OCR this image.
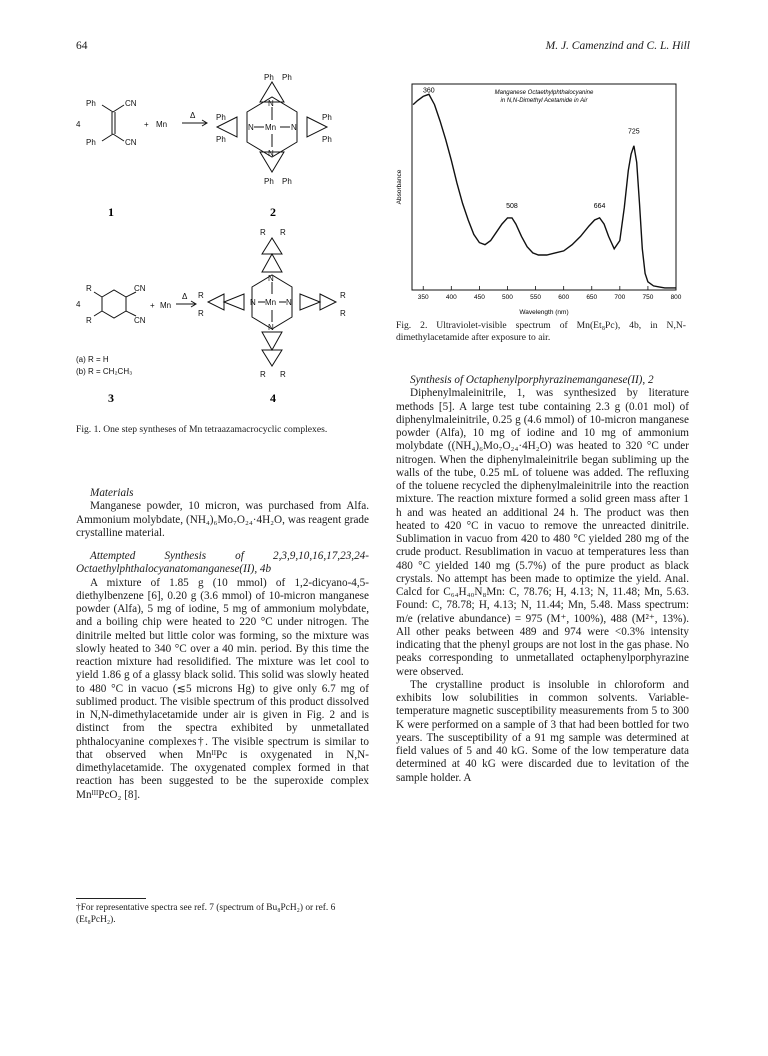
64	M. J. Camenzind and C. L. Hill
4
Ph
Ph
CN
CN
+ Mn
Δ
Ph Ph
Ph
Ph
Ph
Ph
Ph Ph
N
N
N	N
Mn
4
R
R
CN
CN
+ Mn
Δ
R R
R
R
R
R
R R
N
N
N	N
Mn
(a) R = H
(b) R = CH₂CH₃
1	2
3	4
Fig. 1. One step syntheses of Mn tetraazamacrocyclic complexes.
Manganese Octaethylphthalocyanine
in N,N-Dimethyl Acetamide in Air
Absorbance
Wavelength (nm)
350	400	450	500	550	600	650	700	750	800
360
508	664
725
Fig. 2. Ultraviolet-visible spectrum of Mn(Et₈Pc), 4b, in N,N-dimethylacetamide after exposure to air.

Materials

Manganese powder, 10 micron, was purchased from Alfa. Ammonium molybdate, (NH₄)₆Mo₇O₂₄·4H₂O, was reagent grade crystalline material.

Attempted Synthesis of 2,3,9,10,16,17,23,24-Octaethylphthalocyanatomanganese(II), 4b

A mixture of 1.85 g (10 mmol) of 1,2-dicyano-4,5-diethylbenzene [6], 0.20 g (3.6 mmol) of 10-micron manganese powder (Alfa), 5 mg of iodine, 5 mg of ammonium molybdate, and a boiling chip were heated to 220 °C under nitrogen. The dinitrile melted but little color was forming, so the mixture was slowly heated to 340 °C over a 40 min. period. By this time the reaction mixture had resolidified. The mixture was let cool to yield 1.86 g of a glassy black solid. This solid was slowly heated to 480 °C in vacuo (≲5 microns Hg) to give only 6.7 mg of sublimed product. The visible spectrum of this product dissolved in N,N-dimethylacetamide under air is given in Fig. 2 and is distinct from the spectra exhibited by unmetallated phthalocyanine complexes†. The visible spectrum is similar to that observed when MnᴵᴵPc is oxygenated in N,N-dimethylacetamide. The oxygenated complex formed in that reaction has been suggested to be the superoxide complex MnᴵᴵᴵPcO₂ [8].

†For representative spectra see ref. 7 (spectrum of Bu₈PcH₂) or ref. 6 (Et₈PcH₂).

Synthesis of Octaphenylporphyrazinemanganese(II), 2

Diphenylmaleinitrile, 1, was synthesized by literature methods [5]. A large test tube containing 2.3 g (0.01 mol) of diphenylmaleinitrile, 0.25 g (4.6 mmol) of 10-micron manganese powder (Alfa), 10 mg of iodine and 10 mg of ammonium molybdate ((NH₄)₆Mo₇O₂₄·4H₂O) was heated to 320 °C under nitrogen. When the diphenylmaleinitrile began subliming up the walls of the tube, 0.25 mL of toluene was added. The refluxing of the toluene recycled the diphenylmaleinitrile into the reaction mixture. The reaction mixture formed a solid green mass after 1 h and was heated an additional 24 h. The product was then heated to 420 °C in vacuo to remove the unreacted dinitrile. Sublimation in vacuo from 420 to 480 °C yielded 280 mg of the crude product. Resublimation in vacuo at temperatures less than 480 °C yielded 140 mg (5.7%) of the pure product as black crystals. No attempt has been made to optimize the yield. Anal. Calcd for C₆₄H₄₀N₈Mn: C, 78.76; H, 4.13; N, 11.48; Mn, 5.63. Found: C, 78.78; H, 4.13; N, 11.44; Mn, 5.48. Mass spectrum: m/e (relative abundance) = 975 (M⁺, 100%), 488 (M²⁺, 13%). All other peaks between 489 and 974 were <0.3% intensity indicating that the phenyl groups are not lost in the gas phase. No peaks corresponding to unmetallated octaphenylporphyrazine were observed.

The crystalline product is insoluble in chloroform and exhibits low solubilities in common solvents. Variable-temperature magnetic susceptibility measurements from 5 to 300 K were performed on a sample of 3 that had been bottled for two years. The susceptibility of a 91 mg sample was determined at field values of 5 and 40 kG. Some of the low temperature data determined at 40 kG were discarded due to levitation of the sample holder. A
